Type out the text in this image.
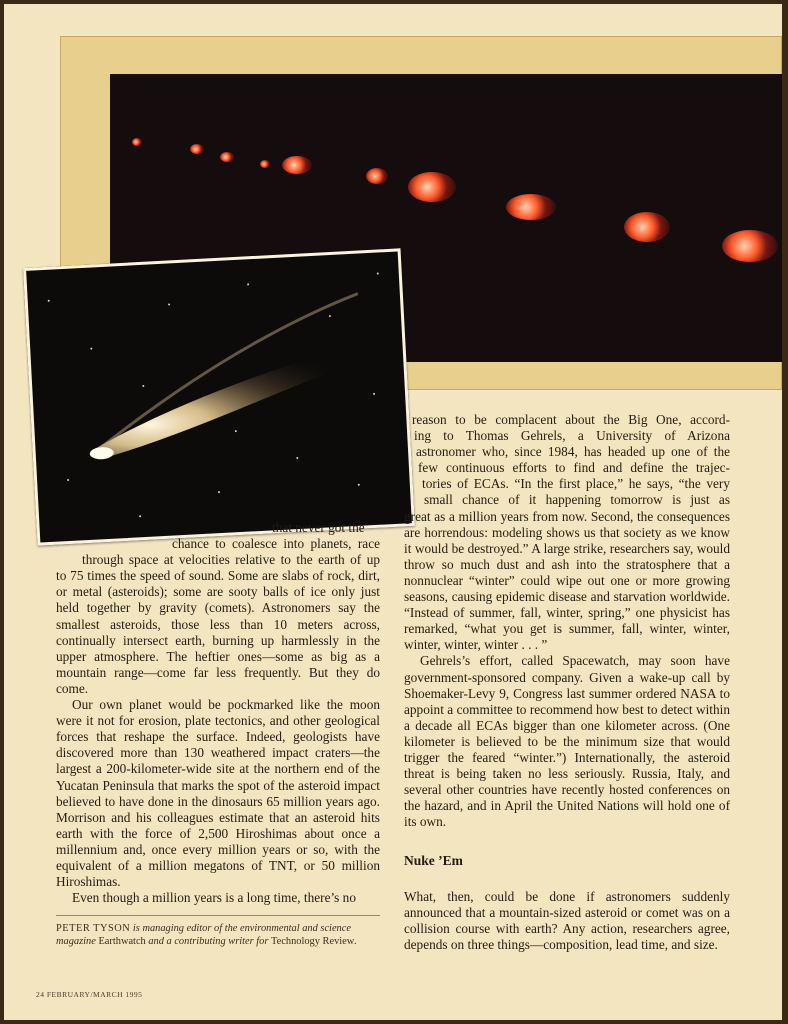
that never got the
chance to coalesce into planets, race
through space at velocities relative to the earth of up

to 75 times the speed of sound. Some are slabs of rock, dirt, or metal (asteroids); some are sooty balls of ice only just held together by gravity (comets). Astronomers say the smallest asteroids, those less than 10 meters across, continually intersect earth, burning up harmlessly in the upper atmosphere. The heftier ones—some as big as a mountain range—come far less frequently. But they do come.

Our own planet would be pockmarked like the moon were it not for erosion, plate tectonics, and other geological forces that reshape the surface. Indeed, geologists have discovered more than 130 weathered impact craters—the largest a 200-kilometer-wide site at the northern end of the Yucatan Peninsula that marks the spot of the asteroid impact believed to have done in the dinosaurs 65 million years ago. Morrison and his colleagues estimate that an asteroid hits earth with the force of 2,500 Hiroshimas about once a millennium and, once every million years or so, with the equivalent of a million megatons of TNT, or 50 million Hiroshimas.

Even though a million years is a long time, there’s no

reason to be complacent about the Big One, accord-
ing to Thomas Gehrels, a University of Arizona
astronomer who, since 1984, has headed up one of the
few continuous efforts to find and define the trajec-
tories of ECAs. “In the first place,” he says, “the very
small chance of it happening tomorrow is just as

great as a million years from now. Second, the consequences are horrendous: modeling shows us that society as we know it would be destroyed.” A large strike, researchers say, would throw so much dust and ash into the stratosphere that a nonnuclear “winter” could wipe out one or more growing seasons, causing epidemic disease and starvation worldwide. “Instead of summer, fall, winter, spring,” one physicist has remarked, “what you get is summer, fall, winter, winter, winter, winter, winter . . . ”

Gehrels’s effort, called Spacewatch, may soon have government-sponsored company. Given a wake-up call by Shoemaker-Levy 9, Congress last summer ordered NASA to appoint a committee to recommend how best to detect within a decade all ECAs bigger than one kilometer across. (One kilometer is believed to be the minimum size that would trigger the feared “winter.”) Internationally, the asteroid threat is being taken no less seriously. Russia, Italy, and several other countries have recently hosted conferences on the hazard, and in April the United Nations will hold one of its own.

Nuke ’Em

What, then, could be done if astronomers suddenly announced that a mountain-sized asteroid or comet was on a collision course with earth? Any action, researchers agree, depends on three things—composition, lead time, and size.

PETER TYSON is managing editor of the environmental and science magazine Earthwatch and a contributing writer for Technology Review.
24 FEBRUARY/MARCH 1995
